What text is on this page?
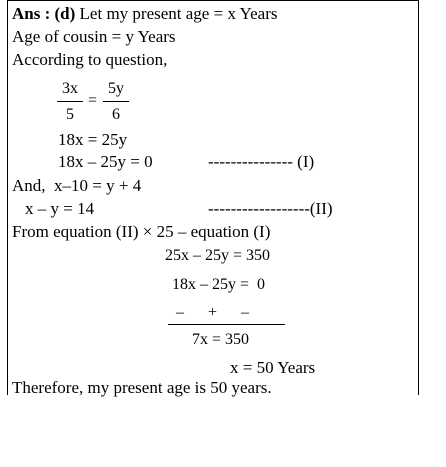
Ans : (d) Let my present age = x Years
Age of cousin = y Years
According to question,
3x
5
=
5y
6
18x = 25y
18x – 25y = 0	--------------- (I)
And,  x–10 = y + 4
x – y = 14	------------------(II)
From equation (II) × 25 – equation (I)
25x – 25y = 350
18x – 25y =  0
–      +      –
7x = 350
x = 50 Years
Therefore, my present age is 50 years.
